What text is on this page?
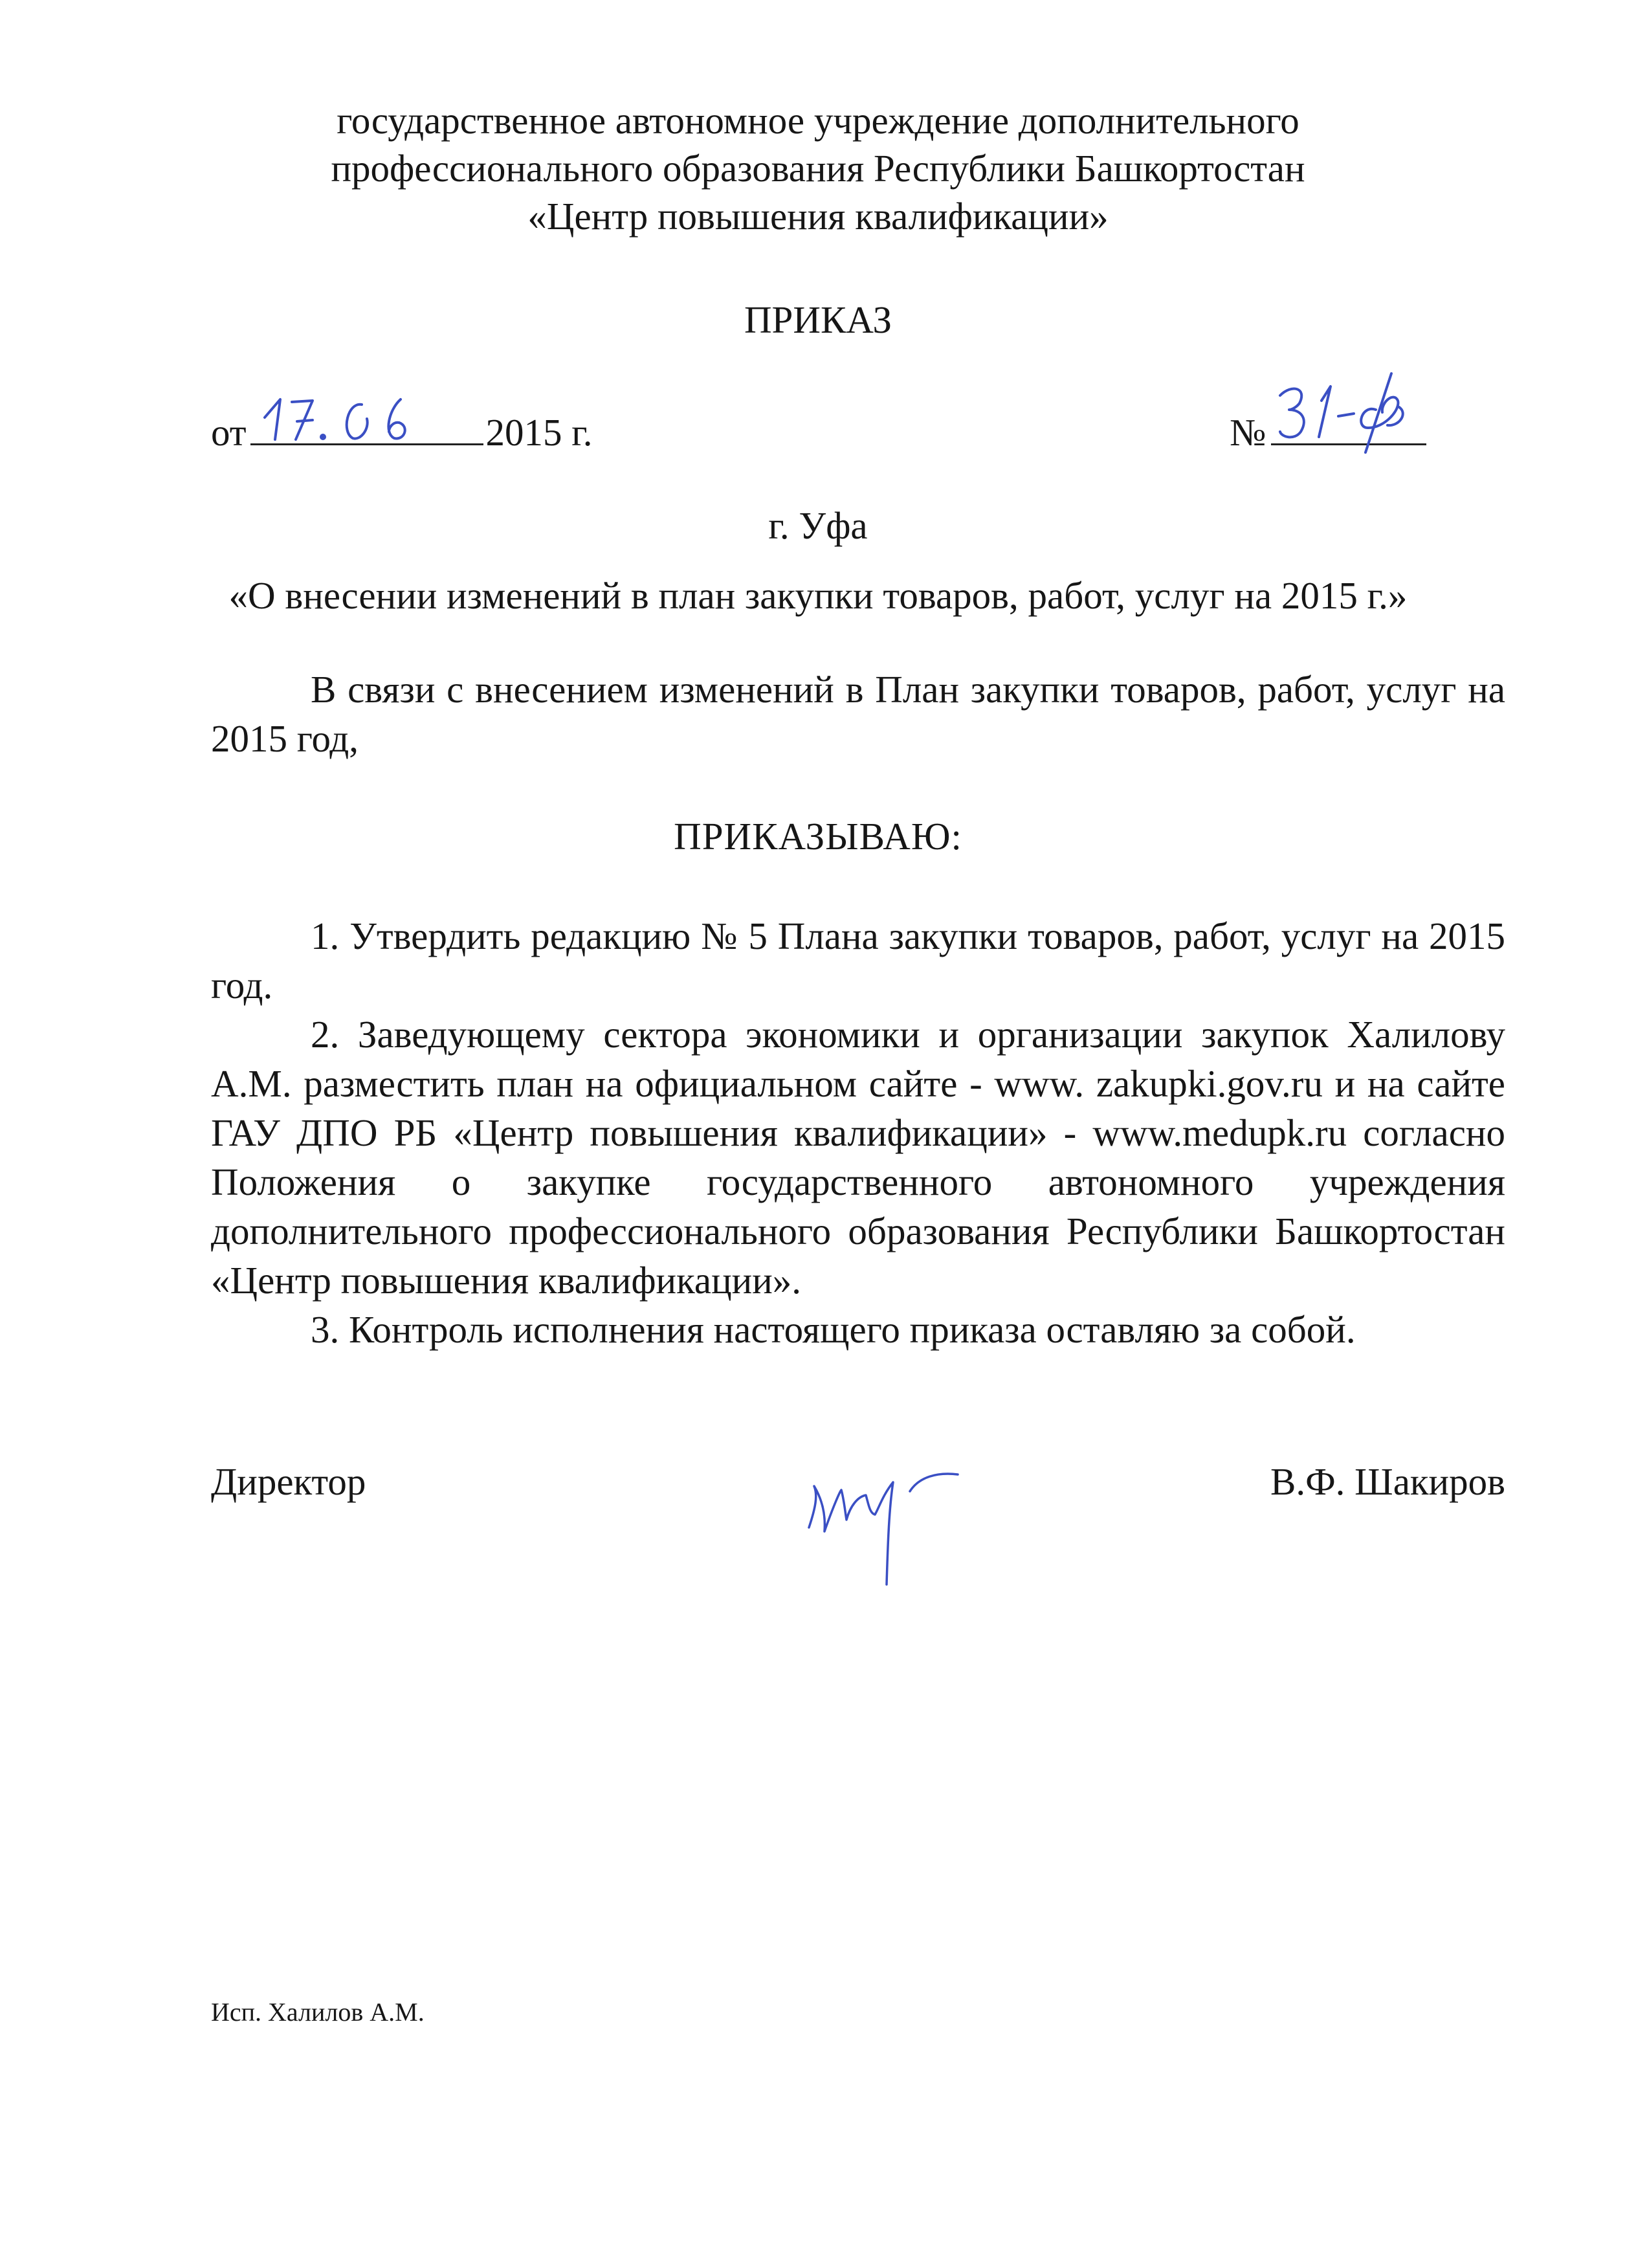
государственное автономное учреждение дополнительного
профессионального образования Республики Башкортостан
«Центр повышения квалификации»
ПРИКАЗ
от	2015 г.	№
г. Уфа
«О внесении изменений в план закупки товаров, работ, услуг на 2015 г.»

В связи с внесением изменений в План закупки товаров, работ, услуг на 2015 год,

ПРИКАЗЫВАЮ:

1. Утвердить редакцию № 5 Плана закупки товаров, работ, услуг на 2015 год.

2. Заведующему сектора экономики и организации закупок Халилову А.М. разместить план на официальном сайте - www. zakupki.gov.ru и на сайте ГАУ ДПО РБ «Центр повышения квалификации» - www.medupk.ru согласно Положения о закупке государственного автономного учреждения дополнительного профессионального образования Республики Башкортостан «Центр повышения квалификации».

3. Контроль исполнения настоящего приказа оставляю за собой.

Директор	В.Ф. Шакиров
Исп. Халилов А.М.
